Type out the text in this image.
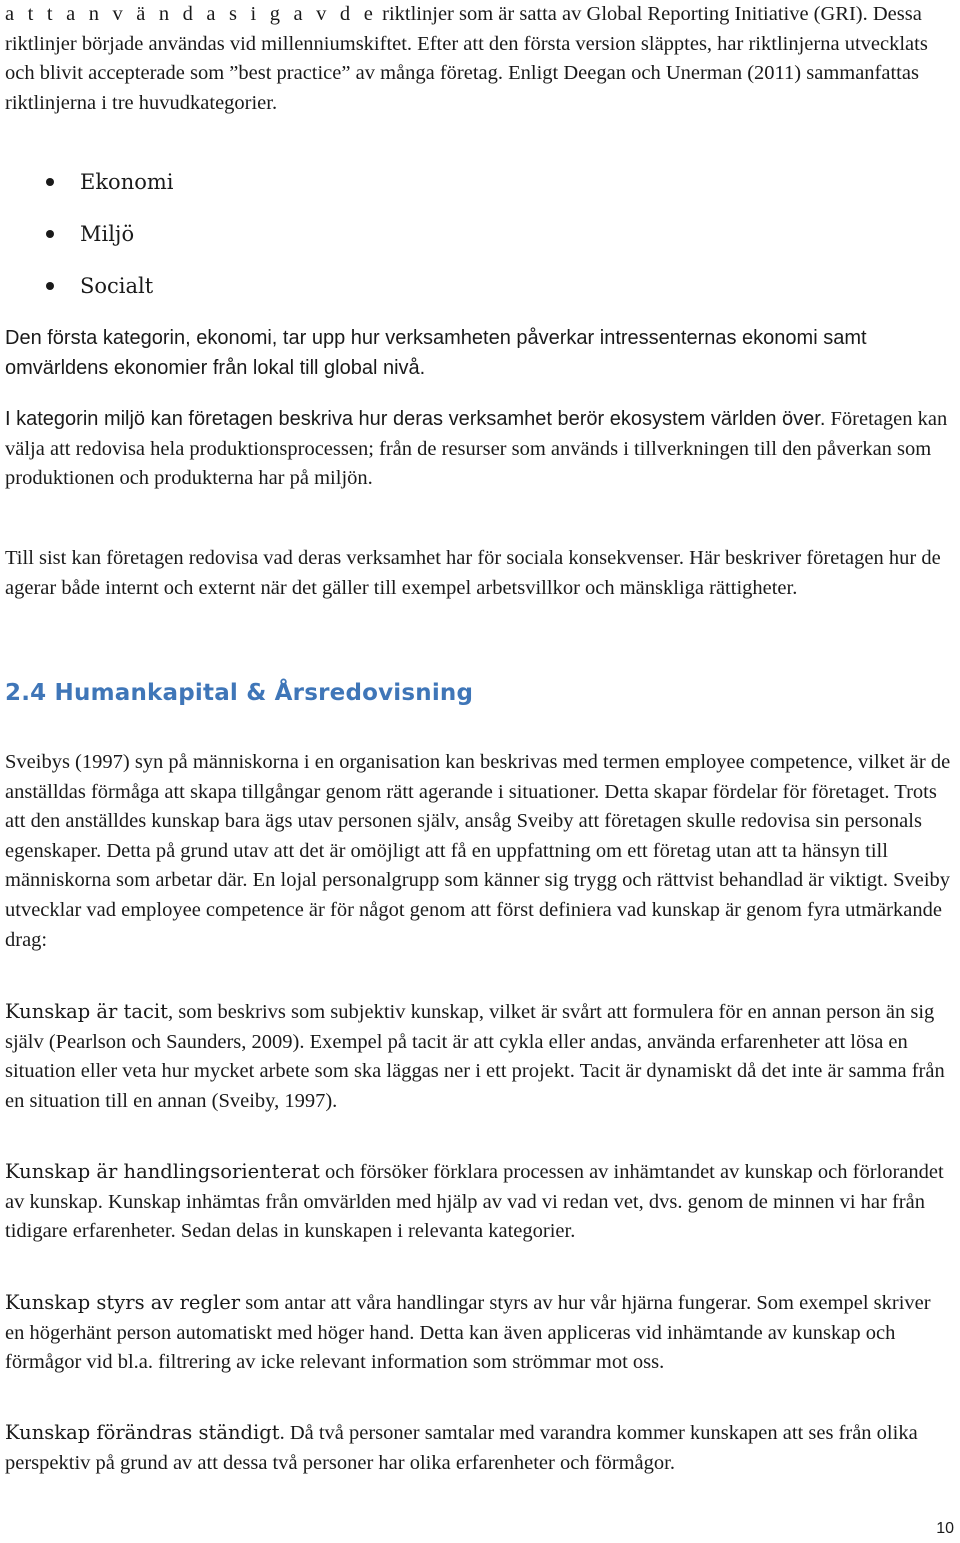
a t t a n v ä n d a s i g a v d e riktlinjer som är satta av Global Reporting Initiative (GRI). Dessa riktlinjer började användas vid millenniumskiftet. Efter att den första version släpptes, har riktlinjerna utvecklats och blivit accepterade som ”best practice” av många företag. Enligt Deegan och Unerman (2011) sammanfattas riktlinjerna i tre huvudkategorier.

Ekonomi
Miljö
Socialt

Den första kategorin, ekonomi, tar upp hur verksamheten påverkar intressenternas ekonomi samt omvärldens ekonomier från lokal till global nivå.

I kategorin miljö kan företagen beskriva hur deras verksamhet berör ekosystem världen över. Företagen kan välja att redovisa hela produktionsprocessen; från de resurser som används i tillverkningen till den påverkan som produktionen och produkterna har på miljön.

Till sist kan företagen redovisa vad deras verksamhet har för sociala konsekvenser. Här beskriver företagen hur de agerar både internt och externt när det gäller till exempel arbetsvillkor och mänskliga rättigheter.

2.4 Humankapital & Årsredovisning

Sveibys (1997) syn på människorna i en organisation kan beskrivas med termen employee competence, vilket är de anställdas förmåga att skapa tillgångar genom rätt agerande i situationer. Detta skapar fördelar för företaget. Trots att den anställdes kunskap bara ägs utav personen själv, ansåg Sveiby att företagen skulle redovisa sin personals egenskaper. Detta på grund utav att det är omöjligt att få en uppfattning om ett företag utan att ta hänsyn till människorna som arbetar där. En lojal personalgrupp som känner sig trygg och rättvist behandlad är viktigt. Sveiby utvecklar vad employee competence är för något genom att först definiera vad kunskap är genom fyra utmärkande drag:

Kunskap är tacit, som beskrivs som subjektiv kunskap, vilket är svårt att formulera för en annan person än sig själv (Pearlson och Saunders, 2009). Exempel på tacit är att cykla eller andas, använda erfarenheter att lösa en situation eller veta hur mycket arbete som ska läggas ner i ett projekt. Tacit är dynamiskt då det inte är samma från en situation till en annan (Sveiby, 1997).

Kunskap är handlingsorienterat och försöker förklara processen av inhämtandet av kunskap och förlorandet av kunskap. Kunskap inhämtas från omvärlden med hjälp av vad vi redan vet, dvs. genom de minnen vi har från tidigare erfarenheter. Sedan delas in kunskapen i relevanta kategorier.

Kunskap styrs av regler som antar att våra handlingar styrs av hur vår hjärna fungerar. Som exempel skriver en högerhänt person automatiskt med höger hand. Detta kan även appliceras vid inhämtande av kunskap och förmågor vid bl.a. filtrering av icke relevant information som strömmar mot oss.

Kunskap förändras ständigt. Då två personer samtalar med varandra kommer kunskapen att ses från olika perspektiv på grund av att dessa två personer har olika erfarenheter och förmågor.

10
